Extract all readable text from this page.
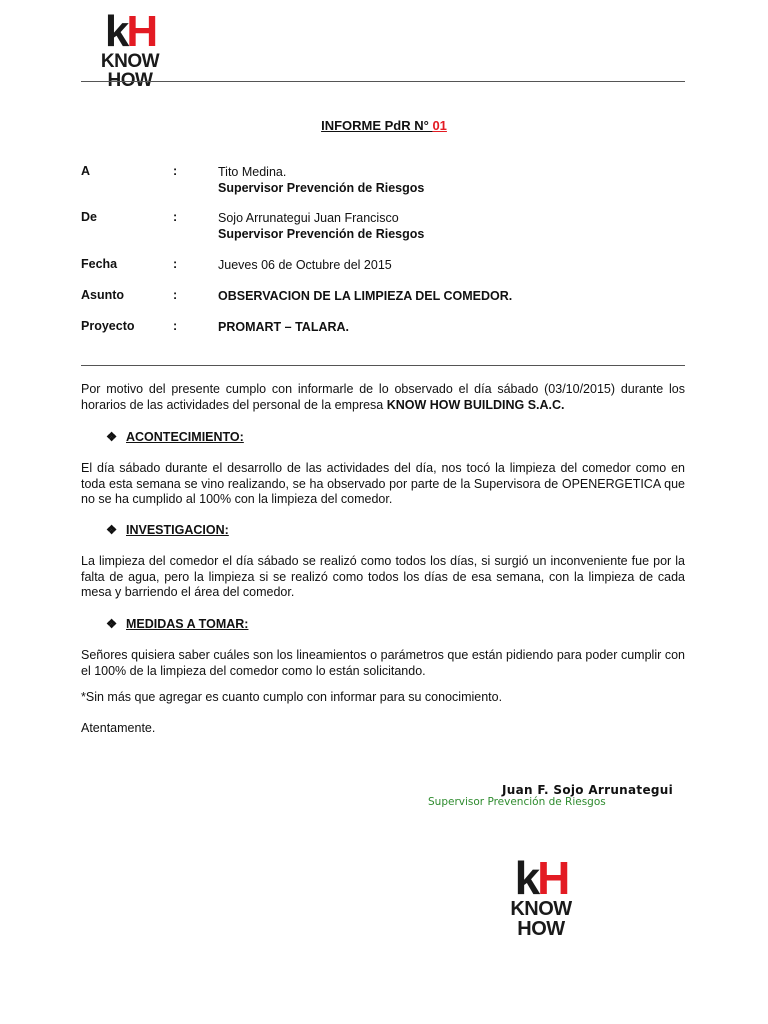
kH
KNOW HOW
INFORME PdR N° 01
A	:	Tito Medina.
Supervisor Prevención de Riesgos
De	:	Sojo Arrunategui Juan Francisco
Supervisor Prevención de Riesgos
Fecha	:	Jueves 06 de Octubre del 2015
Asunto	:	OBSERVACION DE LA LIMPIEZA DEL COMEDOR.
Proyecto	:	PROMART – TALARA.
Por motivo del presente cumplo con informarle de lo observado el día sábado (03/10/2015) durante los horarios de las actividades del personal de la empresa KNOW HOW BUILDING S.A.C.
❖ ACONTECIMIENTO:
El día sábado durante el desarrollo de las actividades del día, nos tocó la limpieza del comedor como en toda esta semana se vino realizando, se ha observado por parte de la Supervisora de OPENERGETICA que no se ha cumplido al 100% con la limpieza del comedor.
❖ INVESTIGACION:
La limpieza del comedor el día sábado se realizó como todos los días, si surgió un inconveniente fue por la falta de agua, pero la limpieza si se realizó como todos los días de esa semana, con la limpieza de cada mesa y barriendo el área del comedor.
❖ MEDIDAS A TOMAR:
Señores quisiera saber cuáles son los lineamientos o parámetros que están pidiendo para poder cumplir con el 100% de la limpieza del comedor como lo están solicitando.
*Sin más que agregar es cuanto cumplo con informar para su conocimiento.
Atentamente.
Juan F. Sojo Arrunategui
Supervisor Prevención de Riesgos
kH
KNOW HOW
